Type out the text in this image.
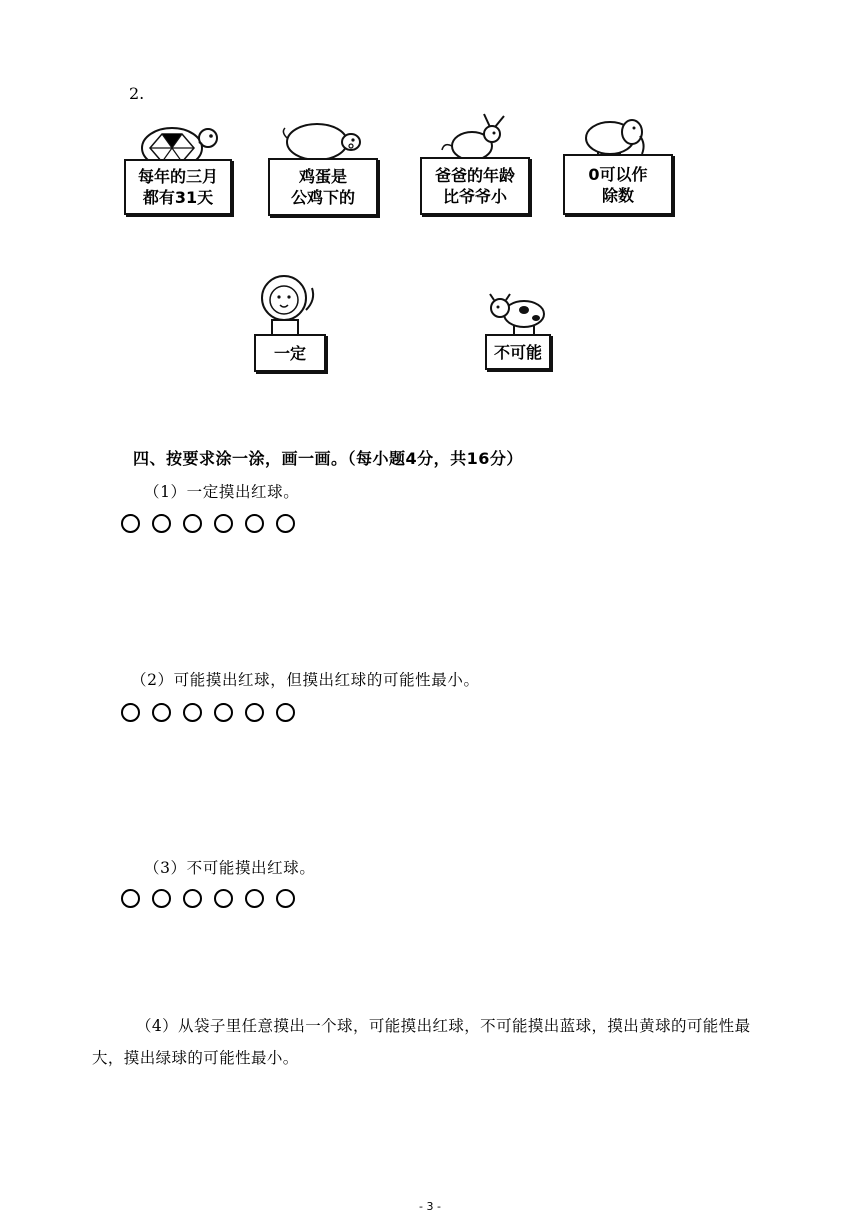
2.
每年的三月
都有31天
鸡蛋是
公鸡下的
爸爸的年龄
比爷爷小
0可以作
除数
一定	不可能
四、按要求涂一涂，画一画。（每小题4分，共16分）
（1）一定摸出红球。
（2）可能摸出红球，但摸出红球的可能性最小。
（3）不可能摸出红球。
（4）从袋子里任意摸出一个球，可能摸出红球，不可能摸出蓝球，摸出黄球的可能性最大，摸出绿球的可能性最小。
- 3 -
